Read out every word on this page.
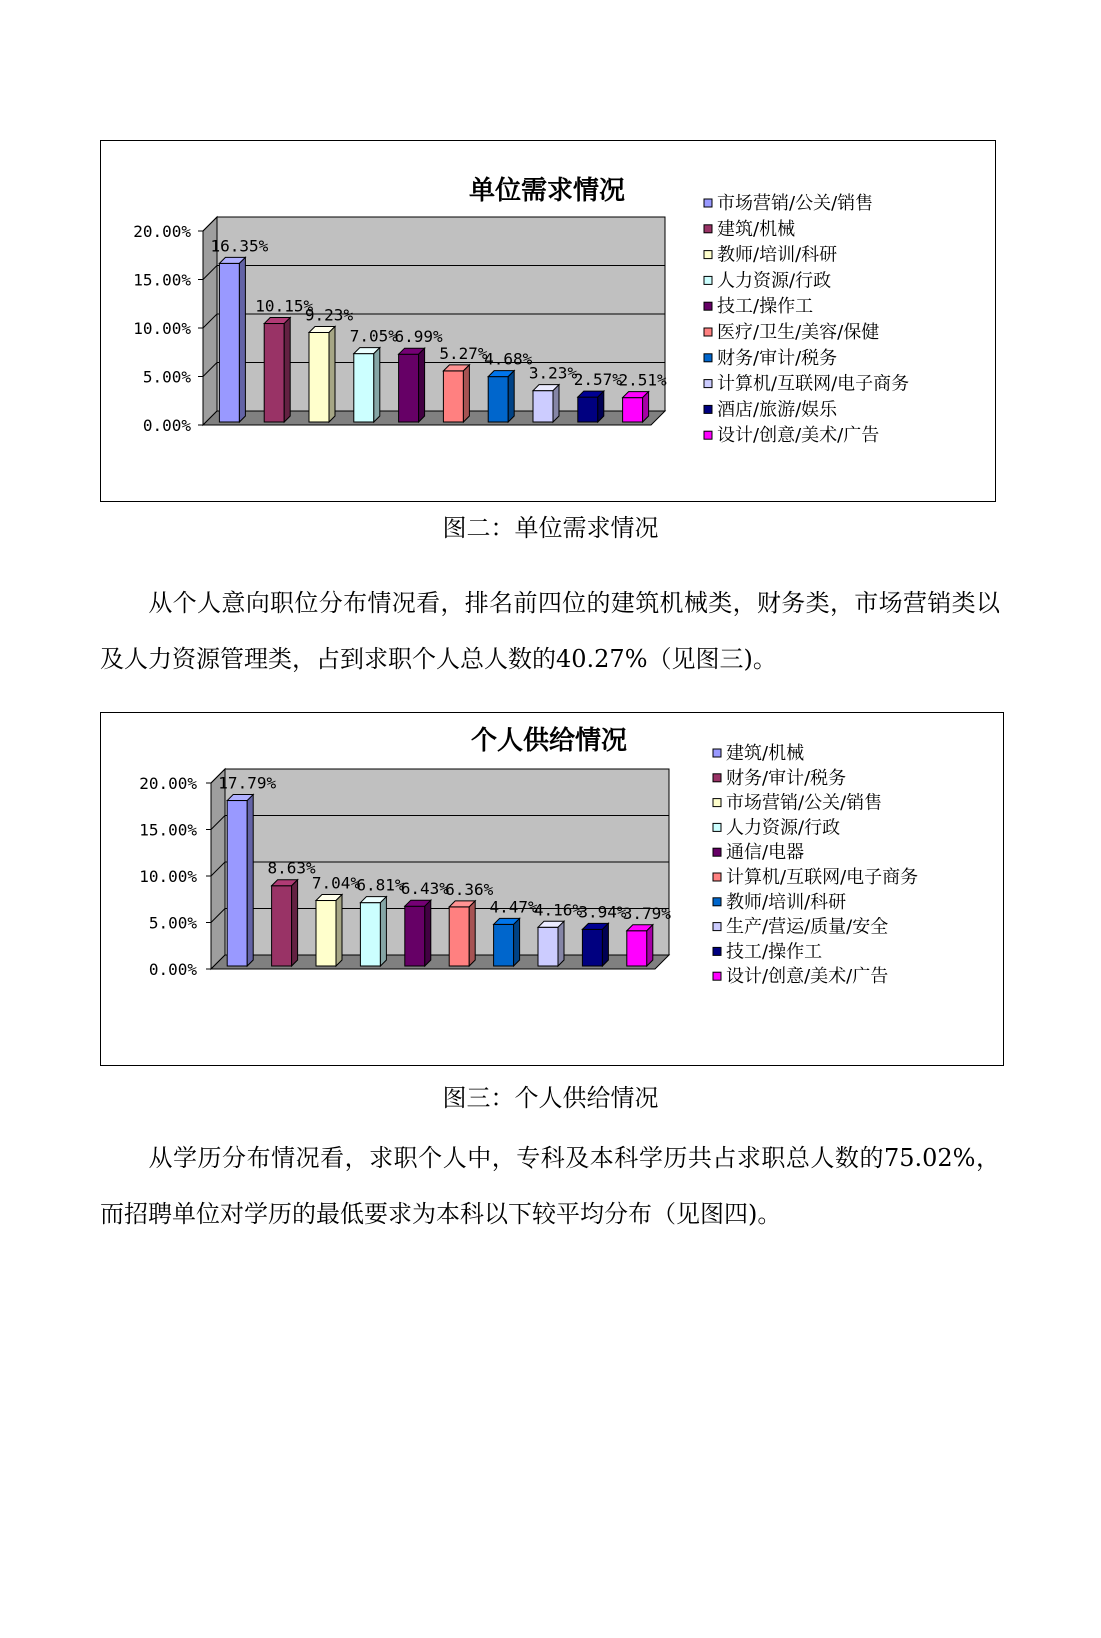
单位需求情况
0.00%
5.00%
10.00%
15.00%
20.00%
16.35%
10.15%
9.23%
7.05%
6.99%
5.27%
4.68%
3.23%
2.57%
2.51%
市场营销/公关/销售
建筑/机械
教师/培训/科研
人力资源/行政
技工/操作工
医疗/卫生/美容/保健
财务/审计/税务
计算机/互联网/电子商务
酒店/旅游/娱乐
设计/创意/美术/广告
图二：单位需求情况
从个人意向职位分布情况看，排名前四位的建筑机械类，财务类，市场营销类以及人力资源管理类，占到求职个人总人数的40.27%（见图三)。
个人供给情况
0.00%
5.00%
10.00%
15.00%
20.00% 17.79%
8.63%
7.04%
6.81%
6.43%
6.36%
4.47%
4.16%
3.94%
3.79%
建筑/机械
财务/审计/税务
市场营销/公关/销售
人力资源/行政
通信/电器
计算机/互联网/电子商务
教师/培训/科研
生产/营运/质量/安全
技工/操作工
设计/创意/美术/广告
图三：个人供给情况
从学历分布情况看，求职个人中，专科及本科学历共占求职总人数的75.02%，而招聘单位对学历的最低要求为本科以下较平均分布（见图四)。
